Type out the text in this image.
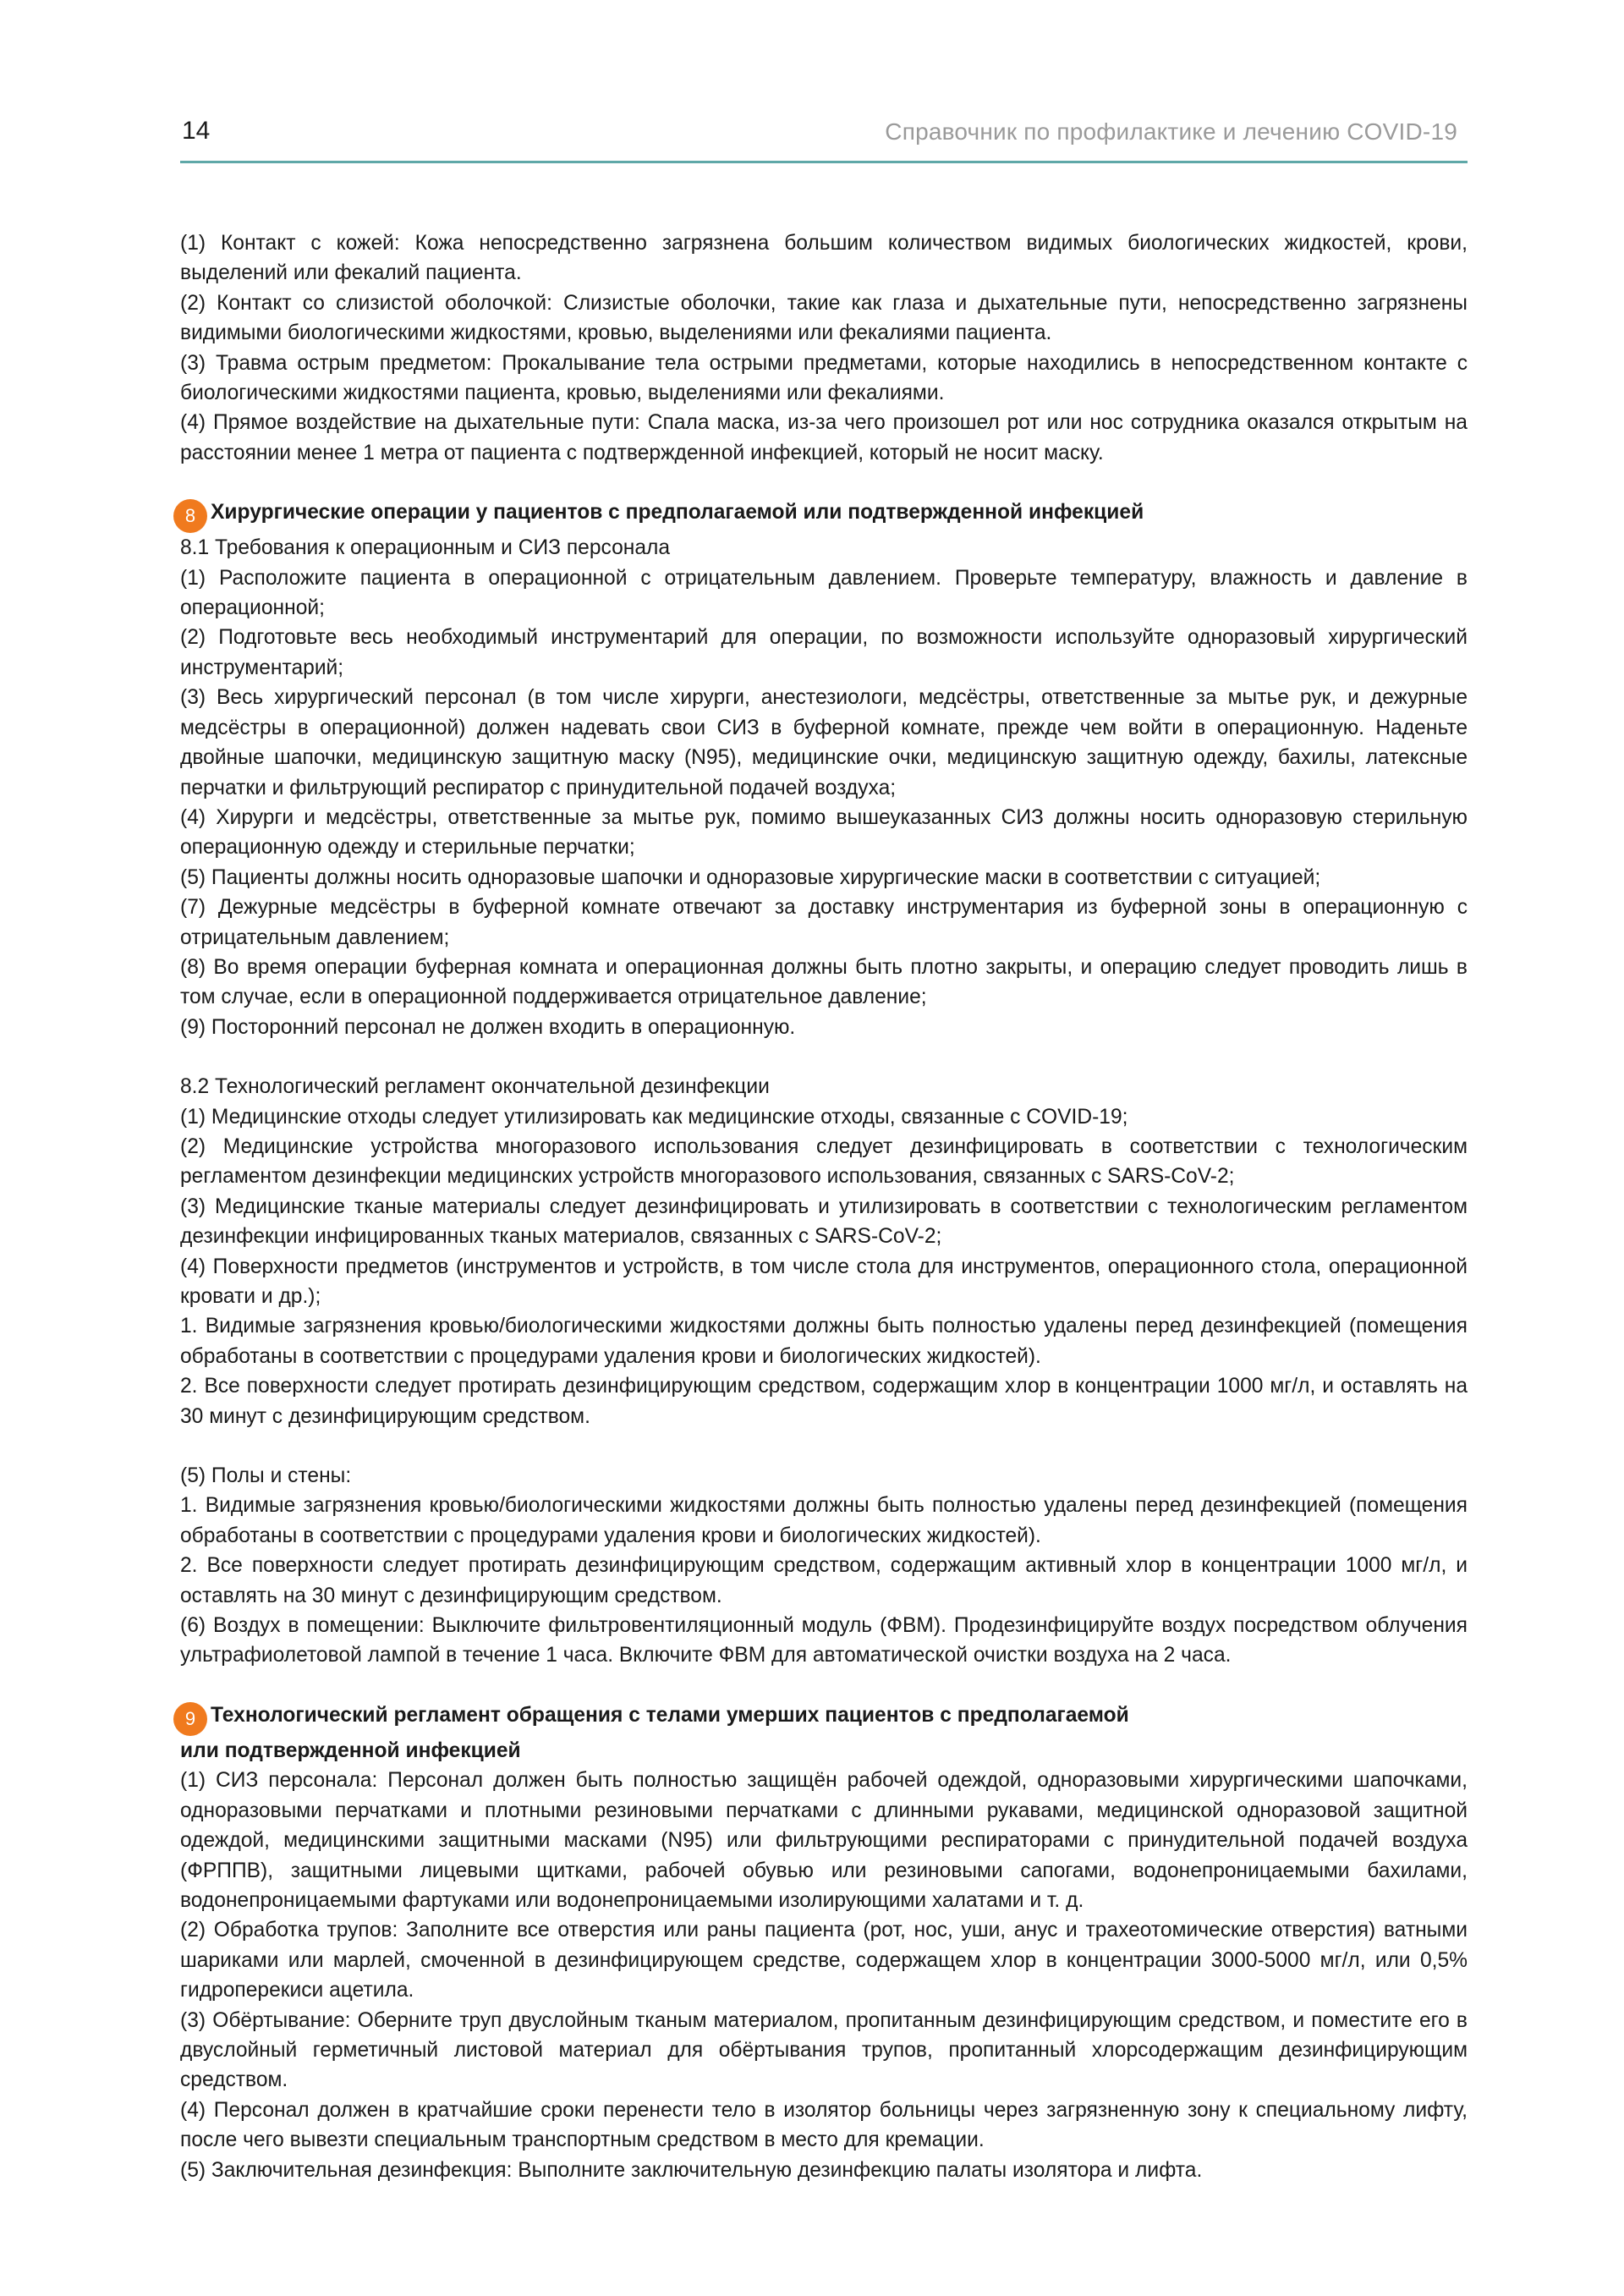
14	Справочник по профилактике и лечению COVID-19

(1) Контакт с кожей: Кожа непосредственно загрязнена большим количеством видимых биологических жидкостей, крови, выделений или фекалий пациента.

(2) Контакт со слизистой оболочкой: Слизистые оболочки, такие как глаза и дыхательные пути, непосредственно загрязнены видимыми биологическими жидкостями, кровью, выделениями или фекалиями пациента.

(3) Травма острым предметом: Прокалывание тела острыми предметами, которые находились в непосредственном контакте с биологическими жидкостями пациента, кровью, выделениями или фекалиями.

(4) Прямое воздействие на дыхательные пути: Спала маска, из-за чего произошел рот или нос сотрудника оказался открытым на расстоянии менее 1 метра от пациента с подтвержденной инфекцией, который не носит маску.

8 Хирургические операции у пациентов с предполагаемой или подтвержденной инфекцией

8.1 Требования к операционным и СИЗ персонала

(1) Расположите пациента в операционной с отрицательным давлением. Проверьте температуру, влажность и давление в операционной;

(2) Подготовьте весь необходимый инструментарий для операции, по возможности используйте одноразовый хирургический инструментарий;

(3) Весь хирургический персонал (в том числе хирурги, анестезиологи, медсёстры, ответственные за мытье рук, и дежурные медсёстры в операционной) должен надевать свои СИЗ в буферной комнате, прежде чем войти в операционную. Наденьте двойные шапочки, медицинскую защитную маску (N95), медицинские очки, медицинскую защитную одежду, бахилы, латексные перчатки и фильтрующий респиратор с принудительной подачей воздуха;

(4) Хирурги и медсёстры, ответственные за мытье рук, помимо вышеуказанных СИЗ должны носить одноразовую стерильную операционную одежду и стерильные перчатки;

(5) Пациенты должны носить одноразовые шапочки и одноразовые хирургические маски в соответствии с ситуацией;

(7) Дежурные медсёстры в буферной комнате отвечают за доставку инструментария из буферной зоны в операционную с отрицательным давлением;

(8) Во время операции буферная комната и операционная должны быть плотно закрыты, и операцию следует проводить лишь в том случае, если в операционной поддерживается отрицательное давление;

(9) Посторонний персонал не должен входить в операционную.

8.2 Технологический регламент окончательной дезинфекции

(1) Медицинские отходы следует утилизировать как медицинские отходы, связанные с COVID-19;

(2) Медицинские устройства многоразового использования следует дезинфицировать в соответствии с технологическим регламентом дезинфекции медицинских устройств многоразового использования, связанных с SARS-CoV-2;

(3) Медицинские тканые материалы следует дезинфицировать и утилизировать в соответствии с технологическим регламентом дезинфекции инфицированных тканых материалов, связанных с SARS-CoV-2;

(4) Поверхности предметов (инструментов и устройств, в том числе стола для инструментов, операционного стола, операционной кровати и др.);

1. Видимые загрязнения кровью/биологическими жидкостями должны быть полностью удалены перед дезинфекцией (помещения обработаны в соответствии с процедурами удаления крови и биологических жидкостей).

2. Все поверхности следует протирать дезинфицирующим средством, содержащим хлор в концентрации 1000 мг/л, и оставлять на 30 минут с дезинфицирующим средством.

(5) Полы и стены:

1. Видимые загрязнения кровью/биологическими жидкостями должны быть полностью удалены перед дезинфекцией (помещения обработаны в соответствии с процедурами удаления крови и биологических жидкостей).

2. Все поверхности следует протирать дезинфицирующим средством, содержащим активный хлор в концентрации 1000 мг/л, и оставлять на 30 минут с дезинфицирующим средством.

(6) Воздух в помещении: Выключите фильтровентиляционный модуль (ФВМ). Продезинфицируйте воздух посредством облучения ультрафиолетовой лампой в течение 1 часа. Включите ФВМ для автоматической очистки воздуха на 2 часа.

9 Технологический регламент обращения с телами умерших пациентов с предполагаемой

или подтвержденной инфекцией

(1) СИЗ персонала: Персонал должен быть полностью защищён рабочей одеждой, одноразовыми хирургическими шапочками, одноразовыми перчатками и плотными резиновыми перчатками с длинными рукавами, медицинской одноразовой защитной одеждой, медицинскими защитными масками (N95) или фильтрующими респираторами с принудительной подачей воздуха (ФРППВ), защитными лицевыми щитками, рабочей обувью или резиновыми сапогами, водонепроницаемыми бахилами, водонепроницаемыми фартуками или водонепроницаемыми изолирующими халатами и т. д.

(2) Обработка трупов: Заполните все отверстия или раны пациента (рот, нос, уши, анус и трахеотомические отверстия) ватными шариками или марлей, смоченной в дезинфицирующем средстве, содержащем хлор в концентрации 3000-5000 мг/л, или 0,5% гидроперекиси ацетила.

(3) Обёртывание: Оберните труп двуслойным тканым материалом, пропитанным дезинфицирующим средством, и поместите его в двуслойный герметичный листовой материал для обёртывания трупов, пропитанный хлорсодержащим дезинфицирующим средством.

(4) Персонал должен в кратчайшие сроки перенести тело в изолятор больницы через загрязненную зону к специальному лифту, после чего вывезти специальным транспортным средством в место для кремации.

(5) Заключительная дезинфекция: Выполните заключительную дезинфекцию палаты изолятора и лифта.
